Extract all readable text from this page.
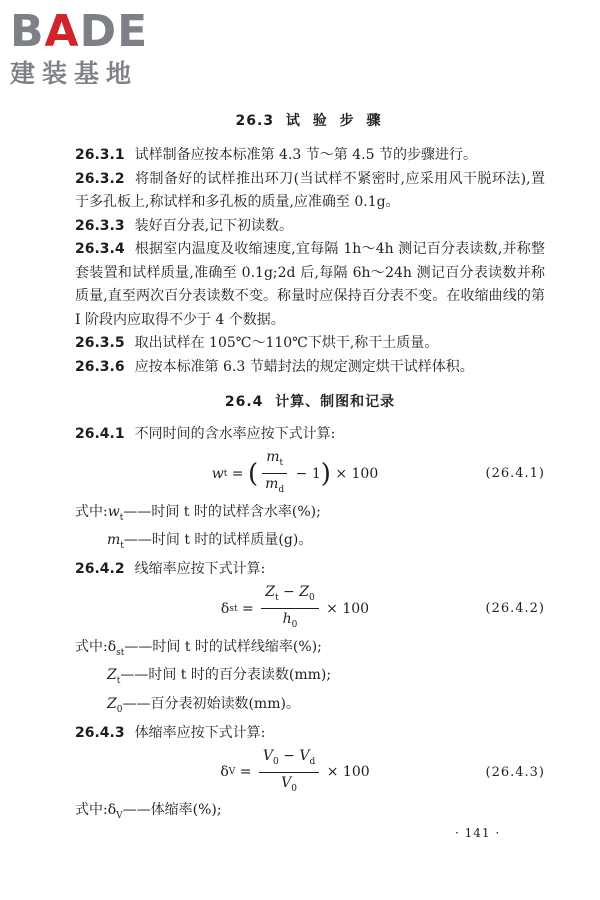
BADE
建装基地
26.3 试 验 步 骤

26.3.1 试样制备应按本标准第 4.3 节～第 4.5 节的步骤进行。

26.3.2 将制备好的试样推出环刀(当试样不紧密时,应采用风干脱环法),置于多孔板上,称试样和多孔板的质量,应准确至 0.1g。

26.3.3 装好百分表,记下初读数。

26.3.4 根据室内温度及收缩速度,宜每隔 1h～4h 测记百分表读数,并称整套装置和试样质量,准确至 0.1g;2d 后,每隔 6h～24h 测记百分表读数并称质量,直至两次百分表读数不变。称量时应保持百分表不变。在收缩曲线的第 Ⅰ 阶段内应取得不少于 4 个数据。

26.3.5 取出试样在 105℃～110℃下烘干,称干土质量。

26.3.6 应按本标准第 6.3 节蜡封法的规定测定烘干试样体积。

26.4 计算、制图和记录

26.4.1 不同时间的含水率应按下式计算:

w t = ( $\frac{m_t}{m_d} - 1$ ) × 100	(26.4.1)

式中$:w_t——$时间 t 时的试样含水率(%);

$m_t——$时间 t 时的试样质量(g)。

26.4.2 线缩率应按下式计算:

δ st = $\frac{Z_t - Z_0}{h_0} \times 100$	(26.4.2)

式中$:\delta_{st}——$时间 t 时的试样线缩率(%);

$Z_t——$时间 t 时的百分表读数(mm);

$Z_0——$百分表初始读数(mm)。

26.4.3 体缩率应按下式计算:

δ $V = \frac{V_0 - V_d}{V_0} \times 100$	(26.4.3)

式中$:\delta_V——$体缩率(%);

· 141 ·
